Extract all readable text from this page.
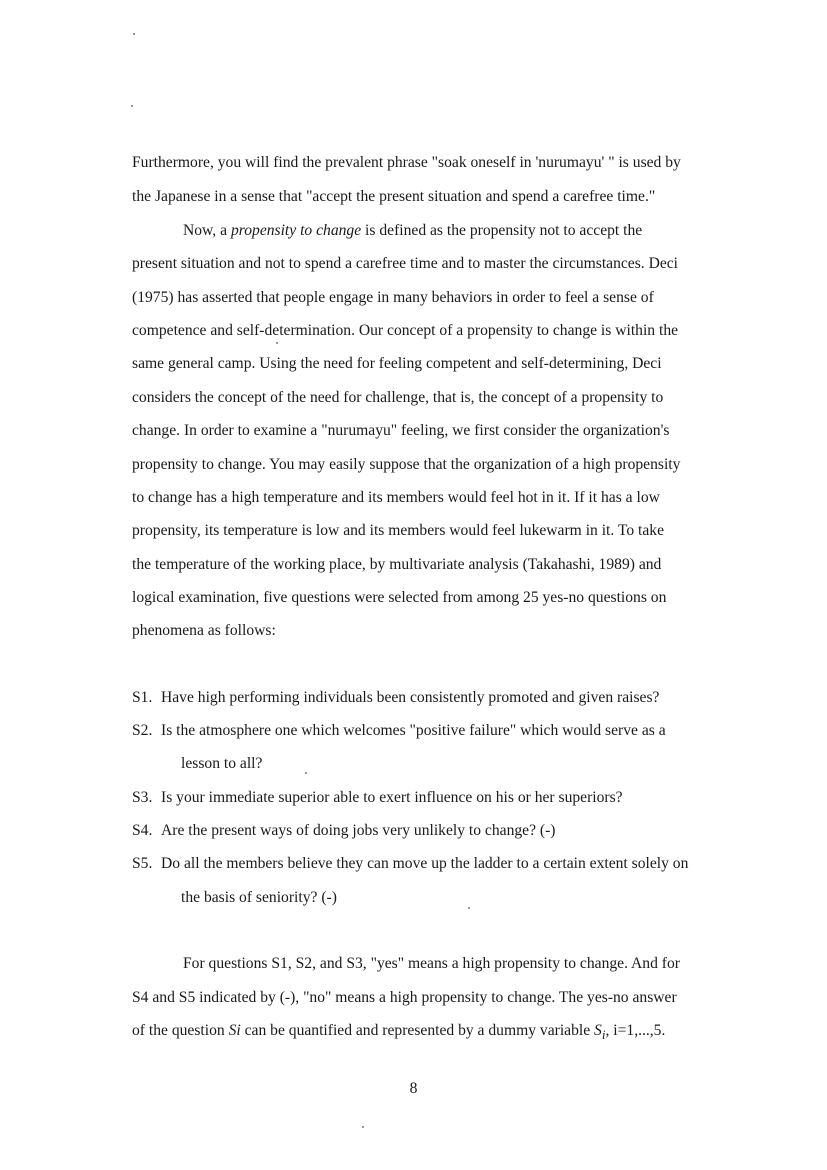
Furthermore, you will find the prevalent phrase "soak oneself in 'nurumayu' " is used by

the Japanese in a sense that "accept the present situation and spend a carefree time."

Now, a propensity to change is defined as the propensity not to accept the

present situation and not to spend a carefree time and to master the circumstances. Deci

(1975) has asserted that people engage in many behaviors in order to feel a sense of

competence and self-determination. Our concept of a propensity to change is within the

same general camp. Using the need for feeling competent and self-determining, Deci

considers the concept of the need for challenge, that is, the concept of a propensity to

change. In order to examine a "nurumayu" feeling, we first consider the organization's

propensity to change. You may easily suppose that the organization of a high propensity

to change has a high temperature and its members would feel hot in it. If it has a low

propensity, its temperature is low and its members would feel lukewarm in it. To take

the temperature of the working place, by multivariate analysis (Takahashi, 1989) and

logical examination, five questions were selected from among 25 yes-no questions on

phenomena as follows:

S1. Have high performing individuals been consistently promoted and given raises?

S2. Is the atmosphere one which welcomes "positive failure" which would serve as a

lesson to all?

S3. Is your immediate superior able to exert influence on his or her superiors?

S4. Are the present ways of doing jobs very unlikely to change? (-)

S5. Do all the members believe they can move up the ladder to a certain extent solely on

the basis of seniority? (-)

For questions S1, S2, and S3, "yes" means a high propensity to change. And for

S4 and S5 indicated by (-), "no" means a high propensity to change. The yes-no answer

of the question Si can be quantified and represented by a dummy variable $S_i$, i=1,...,5.

8
